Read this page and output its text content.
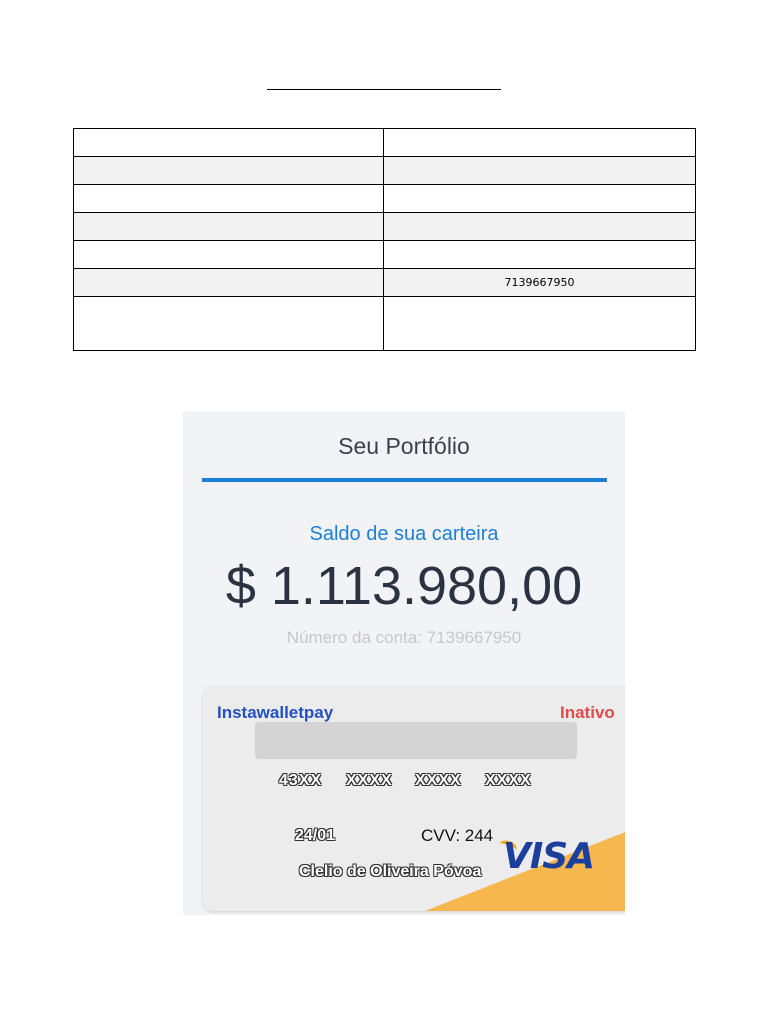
	7139667950

Seu Portfólio
Saldo de sua carteira
$ 1.113.980,00
Número da conta: 7139667950
Instawalletpay	Inativo
43XX XXXX XXXX XXXX
24/01	CVV: 244
Clelio de Oliveira Póvoa VISA
